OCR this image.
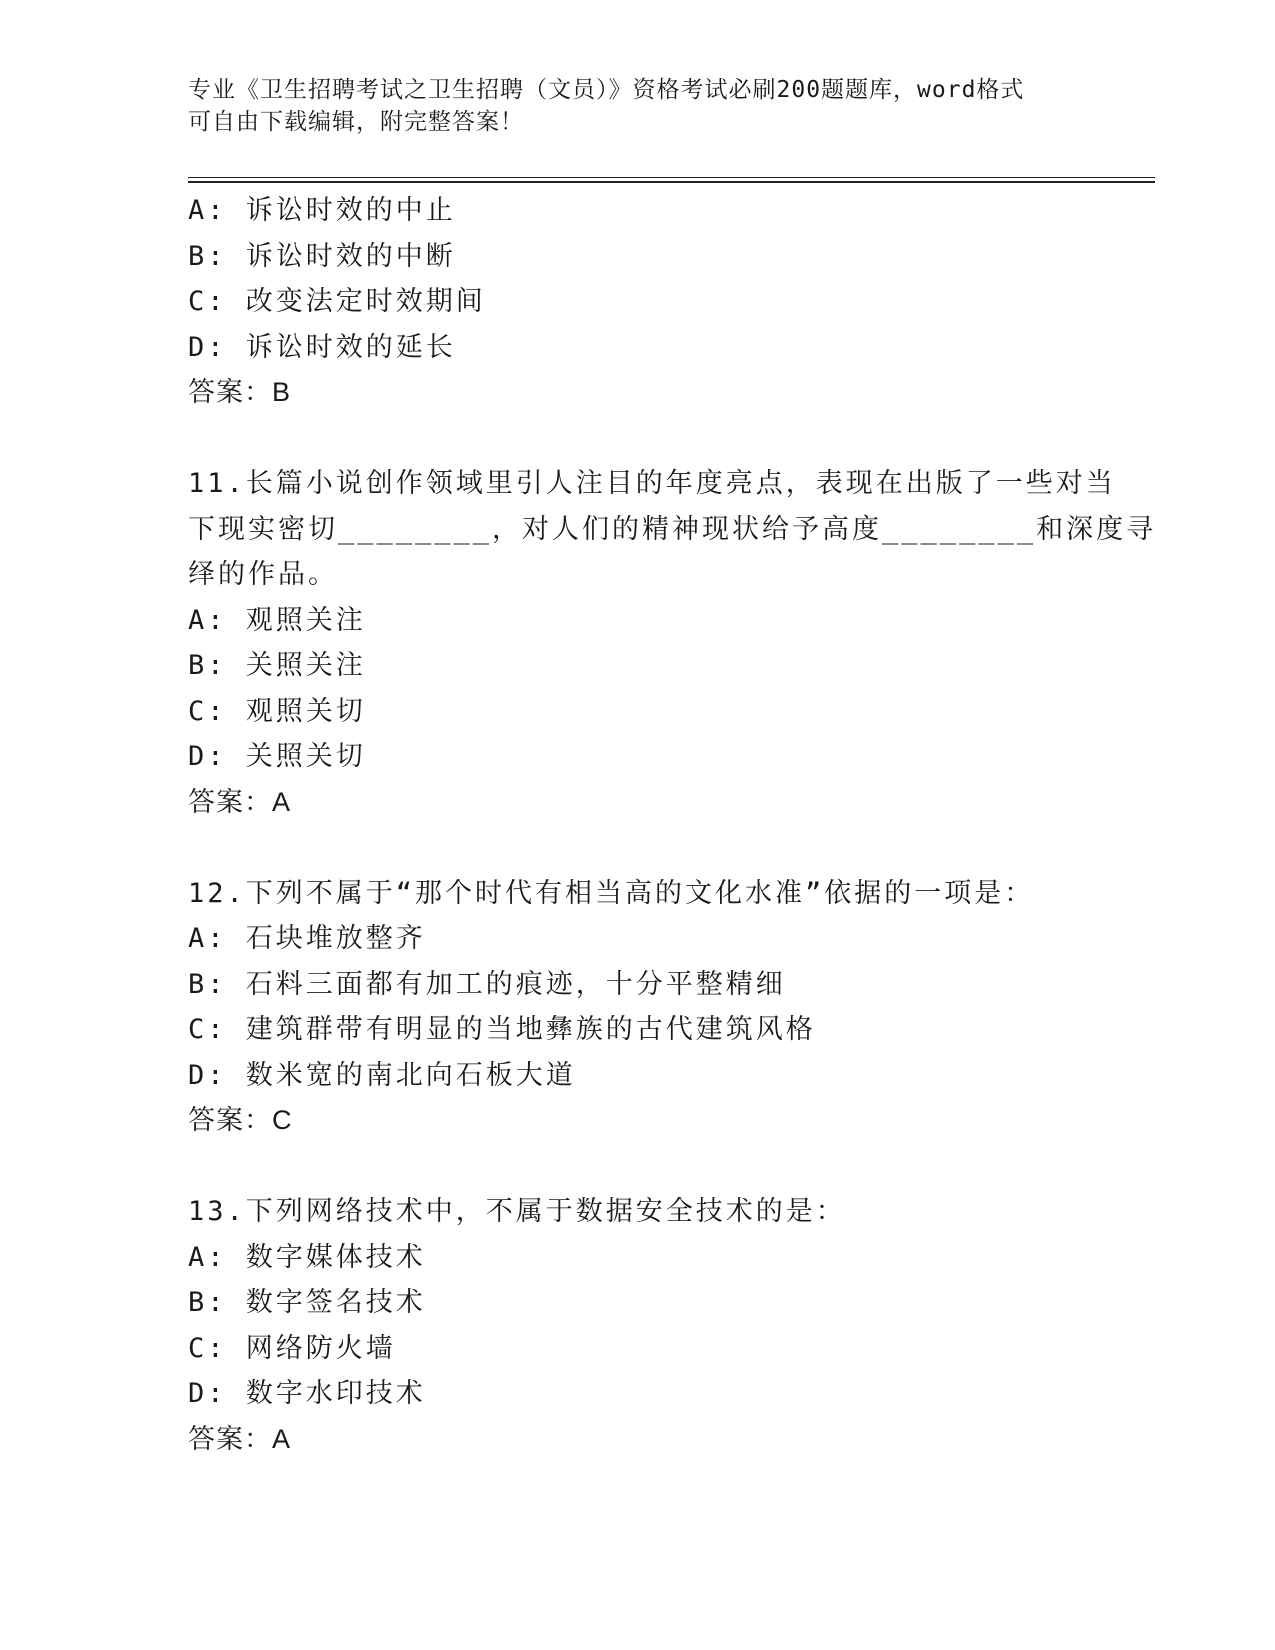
专业《卫生招聘考试之卫生招聘（文员）》资格考试必刷200题题库，word格式
可自由下载编辑，附完整答案！
A: 诉讼时效的中止
B: 诉讼时效的中断
C: 改变法定时效期间
D: 诉讼时效的延长
答案：B
11.长篇小说创作领域里引人注目的年度亮点，表现在出版了一些对当
下现实密切________，对人们的精神现状给予高度________和深度寻
绎的作品。
A: 观照关注
B: 关照关注
C: 观照关切
D: 关照关切
答案：A
12.下列不属于“那个时代有相当高的文化水准”依据的一项是：
A: 石块堆放整齐
B: 石料三面都有加工的痕迹，十分平整精细
C: 建筑群带有明显的当地彝族的古代建筑风格
D: 数米宽的南北向石板大道
答案：C
13.下列网络技术中，不属于数据安全技术的是：
A: 数字媒体技术
B: 数字签名技术
C: 网络防火墙
D: 数字水印技术
答案：A
